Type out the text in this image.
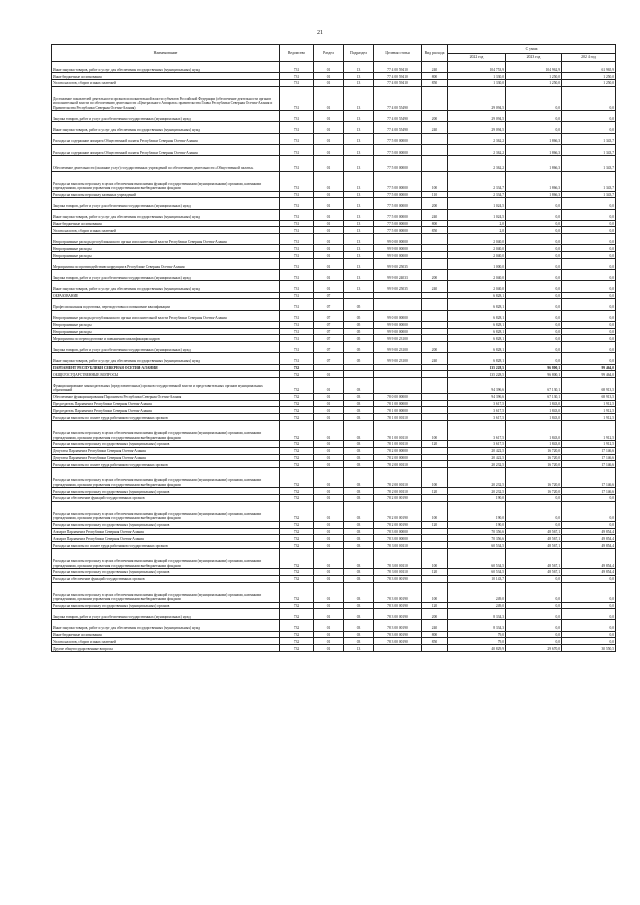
21
Наименование	Ведомство	Раздел	Подраздел	Целевая статья	Вид расхода	С умма		
						2022 год	2023 год	202 4 год
Иные закупки товаров, работ и услуг для обеспечения государственных (муниципальных) нужд	731	01	13	77 4 00 59410	240	104 753,9	104 962,9	61 965,9
Иные бюджетные ассигнования	731	01	13	77 4 00 59410	800	1 330,0	1 250,0	1 250,0
Уплата налогов, сборов и иных платежей	731	01	13	77 4 00 59410	850	1 330,0	1 250,0	1 250,0
Достижение показателей деятельности органов исполнительной власти субъектов Российской Федерации (обеспечение деятельности органов исполнительной власти по обеспечению деятельности «Центрального Аппарата» правительства Главы Республики Северная Осетия-Алания и Правительства Республики Северная Осетия-Алания)	731	01	13	77 4 00 55490		29 094,5	0,0	0,0
Закупка товаров, работ и услуг для обеспечения государственных (муниципальных) нужд	731	01	13	77 4 00 55490	200	29 094,5	0,0	0,0
Иные закупки товаров, работ и услуг для обеспечения государственных (муниципальных) нужд	731	01	13	77 4 00 55490	240	29 094,5	0,0	0,0
Расходы на содержание аппарата Общественной палаты Республики Северная Осетия-Алания	731	01	13	77 5 00 00000		2 362,2	1 866,3	1 343,7
Расходы на содержание аппарата Общественной палаты Республики Северная Осетия-Алания	731	01	13	77 5 00 00000		2 362,2	1 866,3	1 343,7
Обеспечение деятельности (оказание услуг) государственных учреждений по обеспечению деятельности «Общественной палаты»	731	01	13	77 5 00 00000		2 362,2	1 866,3	1 343,7
Расходы на выплаты персоналу в целях обеспечения выполнения функций государственными (муниципальными) органами, казенными учреждениями, органами управления государственными внебюджетными фондами	731	01	13	77 5 00 00000	100	2 334,7	1 866,3	1 343,7
Расходы на выплаты персоналу казенных учреждений	731	01	13	77 5 00 00000	110	2 334,7	1 866,3	1 343,7
Закупка товаров, работ и услуг для обеспечения государственных (муниципальных) нужд	731	01	13	77 5 00 00000	200	1 024,5	0,0	0,0
Иные закупки товаров, работ и услуг для обеспечения государственных (муниципальных) нужд	731	01	13	77 5 00 00000	240	1 024,5	0,0	0,0
Иные бюджетные ассигнования	731	01	13	77 5 00 00000	800	2,0	0,0	0,0
Уплата налогов, сборов и иных платежей	731	01	13	77 5 00 00000	850	2,0	0,0	0,0
Непрограммные расходы республиканского органа исполнительной власти Республики Северная Осетия-Алания	731	01	13	99 0 00 00000		2 040,0	0,0	0,0
Непрограммные расходы	731	01	13	99 9 00 00000		2 040,0	0,0	0,0
Непрограммные расходы	731	01	13	99 9 00 00000		2 040,0	0,0	0,0
Мероприятия по противодействию коррупции в Республике Северная Осетия-Алания	731	01	13	99 9 00 25035		1 000,0	0,0	0,0
Закупка товаров, работ и услуг для обеспечения государственных (муниципальных) нужд	731	01	13	99 9 00 24033	200	2 040,0	0,0	0,0
Иные закупки товаров, работ и услуг для обеспечения государственных (муниципальных) нужд	731	01	13	99 9 00 25035	240	2 040,0	0,0	0,0
ОБРАЗОВАНИЕ	731	07				6 828,1	0,0	0,0
Профессиональная подготовка, переподготовка и повышение квалификации	731	07	05			6 828,1	0,0	0,0
Непрограммные расходы республиканского органа исполнительной власти Республики Северная Осетия-Алания	731	07	05	99 0 00 00000		6 828,1	0,0	0,0
Непрограммные расходы	731	07	05	99 9 00 00000		6 828,1	0,0	0,0
Непрограммные расходы	731	07	05	99 9 00 00000		6 828,1	0,0	0,0
Мероприятия по переподготовке и повышению квалификации кадров	731	07	05	99 9 00 23100		6 828,1	0,0	0,0
Закупка товаров, работ и услуг для обеспечения государственных (муниципальных) нужд	731	07	05	99 9 00 23100	200	6 828,1	0,0	0,0
Иные закупки товаров, работ и услуг для обеспечения государственных (муниципальных) нужд	731	07	05	99 9 00 23100	240	6 828,1	0,0	0,0
ПАРЛАМЕНТ РЕСПУБЛИКИ СЕВЕРНАЯ ОСЕТИЯ-АЛАНИЯ	732					135 228,5	96 800,1	99 464,0
ОБЩЕГОСУДАРСТВЕННЫЕ ВОПРОСЫ	732	01				135 228,5	96 800,1	99 464,0
Функционирование законодательных (представительных) органов государственной власти и представительных органов муниципальных образований	732	01	03			94 396,6	67 130,1	68 913,5
Обеспечение функционирования Парламента Республики Северная Осетия-Алания	732	01	03	78 0 00 00000		94 396,6	67 130,1	68 913,5
Председатель Парламента Республики Северная Осетия-Алания	732	01	03	78 1 00 00000		3 617,5	1 843,0	1 912,5
Председатель Парламента Республики Северная Осетия-Алания	732	01	03	78 1 00 00000		3 617,5	1 843,0	1 912,5
Расходы на выплаты по оплате труда работников государственных органов	732	01	03	78 1 00 00110		3 617,5	1 843,0	1 912,5
Расходы на выплаты персоналу в целях обеспечения выполнения функций государственными (муниципальными) органами, казенными учреждениями, органами управления государственными внебюджетными фондами	732	01	03	78 1 00 00110	100	3 617,5	1 843,0	1 912,5
Расходы на выплаты персоналу государственных (муниципальных) органов	732	01	03	78 1 00 00110	120	3 617,5	1 843,0	1 912,5
Депутаты Парламента Республики Северная Осетия-Алания	732	01	03	78 2 00 00000		20 422,5	16 720,0	17 146,6
Депутаты Парламента Республики Северная Осетия-Алания	732	01	03	78 2 00 00000		20 422,5	16 720,0	17 146,6
Расходы на выплаты по оплате труда работников государственных органов	732	01	03	78 2 00 00110		20 232,5	16 720,0	17 146,6
Расходы на выплаты персоналу в целях обеспечения выполнения функций государственными (муниципальными) органами, казенными учреждениями, органами управления государственными внебюджетными фондами	732	01	03	78 2 00 00110	100	20 232,5	16 720,0	17 146,6
Расходы на выплаты персоналу государственных (муниципальных) органов	732	01	03	78 2 00 00110	120	20 232,5	16 720,0	17 146,6
Расходы на обеспечение функций государственных органов	732	01	03	78 2 00 00190		190,0	0,0	0,0
Расходы на выплаты персоналу в целях обеспечения выполнения функций государственными (муниципальными) органами, казенными учреждениями, органами управления государственными внебюджетными фондами	732	01	03	78 2 00 00190	100	190,0	0,0	0,0
Расходы на выплаты персоналу государственных (муниципальных) органов	732	01	03	78 2 00 00190	120	190,0	0,0	0,0
Аппарат Парламента Республики Северная Осетия-Алания	732	01	03	78 3 00 00000		70 356,6	48 567,1	49 854,4
Аппарат Парламента Республики Северная Осетия-Алания	732	01	03	78 3 00 00000		70 356,6	48 567,1	49 854,4
Расходы на выплаты по оплате труда работников государственных органов	732	01	03	78 3 00 00110		60 534,5	48 567,1	49 854,4
Расходы на выплаты персоналу в целях обеспечения выполнения функций государственными (муниципальными) органами, казенными учреждениями, органами управления государственными внебюджетными фондами	732	01	03	78 3 00 00110	100	60 534,5	48 567,1	49 854,4
Расходы на выплаты персоналу государственных (муниципальных) органов	732	01	03	78 3 00 00110	120	60 534,5	48 567,1	49 854,4
Расходы на обеспечение функций государственных органов	732	01	03	78 3 00 00190		10 143,7	0,0	0,0
Расходы на выплаты персоналу в целях обеспечения выполнения функций государственными (муниципальными) органами, казенными учреждениями, органами управления государственными внебюджетными фондами	732	01	03	78 3 00 00190	100	249,0	0,0	0,0
Расходы на выплаты персоналу государственных (муниципальных) органов	732	01	03	78 3 00 00190	120	249,0	0,0	0,0
Закупка товаров, работ и услуг для обеспечения государственных (муниципальных) нужд	732	01	03	78 3 00 00190	200	8 334,3	0,0	0,0
Иные закупки товаров, работ и услуг для обеспечения государственных (муниципальных) нужд	732	01	03	78 3 00 00190	240	8 334,3	0,0	0,0
Иные бюджетные ассигнования	732	01	03	78 3 00 00190	800	79,0	0,0	0,0
Уплата налогов, сборов и иных платежей	732	01	03	78 3 00 00190	850	79,0	0,0	0,0
Другие общегосударственные вопросы	732	01	13			40 829,9	29 670,0	30 550,5
